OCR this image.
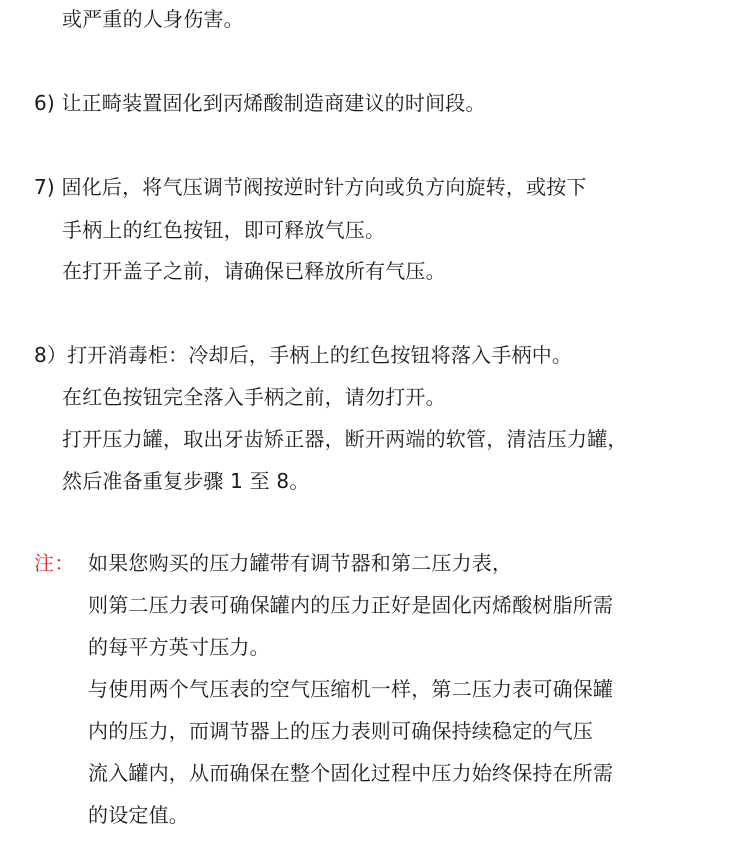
或严重的人身伤害。
6) 让正畸装置固化到丙烯酸制造商建议的时间段。
7) 固化后，将气压调节阀按逆时针方向或负方向旋转，或按下
手柄上的红色按钮，即可释放气压。
在打开盖子之前，请确保已释放所有气压。
8）打开消毒柜：冷却后，手柄上的红色按钮将落入手柄中。
在红色按钮完全落入手柄之前，请勿打开。
打开压力罐，取出牙齿矫正器，断开两端的软管，清洁压力罐，
然后准备重复步骤 1 至 8。
注： 如果您购买的压力罐带有调节器和第二压力表，
则第二压力表可确保罐内的压力正好是固化丙烯酸树脂所需
的每平方英寸压力。
与使用两个气压表的空气压缩机一样，第二压力表可确保罐
内的压力，而调节器上的压力表则可确保持续稳定的气压
流入罐内，从而确保在整个固化过程中压力始终保持在所需
的设定值。
